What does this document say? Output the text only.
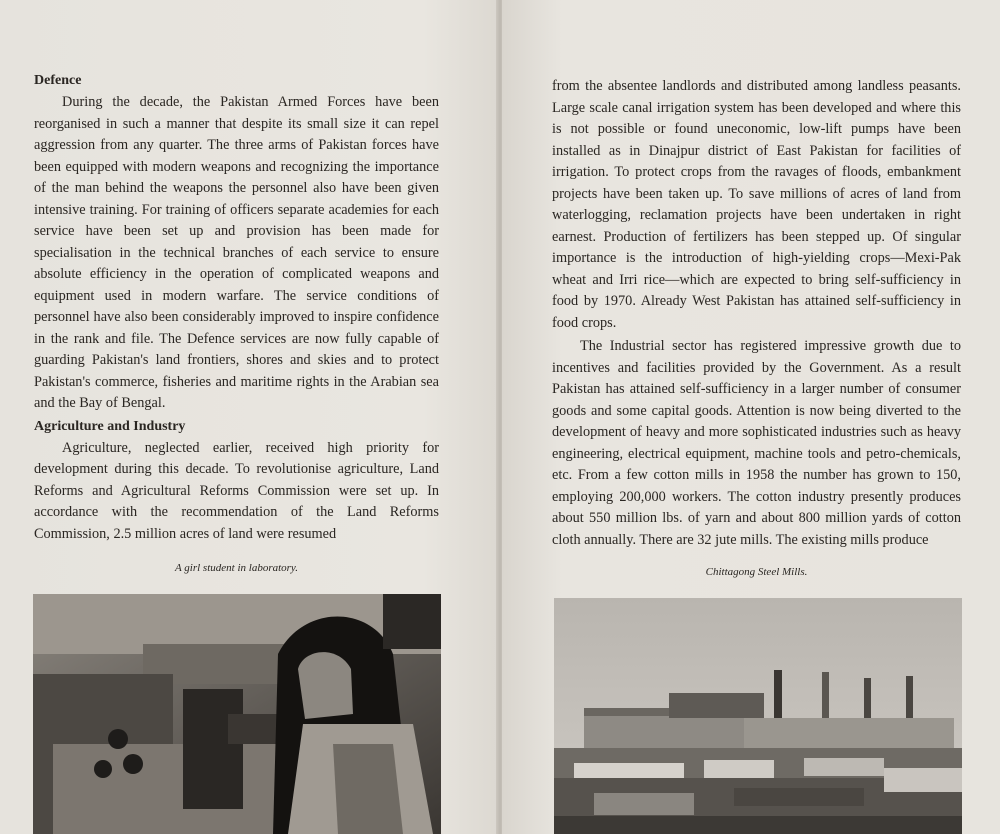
Defence

During the decade, the Pakistan Armed Forces have been reorganised in such a manner that despite its small size it can repel aggression from any quarter. The three arms of Pakistan forces have been equipped with modern weapons and recognizing the importance of the man behind the weapons the personnel also have been given intensive training. For training of officers separate academies for each service have been set up and provision has been made for specialisation in the technical branches of each service to ensure absolute efficiency in the operation of complicated weapons and equipment used in modern warfare. The service conditions of personnel have also been considerably improved to inspire confidence in the rank and file. The Defence services are now fully capable of guarding Pakistan's land frontiers, shores and skies and to protect Pakistan's commerce, fisheries and maritime rights in the Arabian sea and the Bay of Bengal.

Agriculture and Industry

Agriculture, neglected earlier, received high priority for development during this decade. To revolutionise agriculture, Land Reforms and Agricultural Reforms Commission were set up. In accordance with the recommendation of the Land Reforms Commission, 2.5 million acres of land were resumed

A girl student in laboratory.

from the absentee landlords and distributed among landless peasants. Large scale canal irrigation system has been developed and where this is not possible or found uneconomic, low-lift pumps have been installed as in Dinajpur district of East Pakistan for facilities of irrigation. To protect crops from the ravages of floods, embankment projects have been taken up. To save millions of acres of land from waterlogging, reclamation projects have been undertaken in right earnest. Production of fertilizers has been stepped up. Of singular importance is the introduction of high-yielding crops—Mexi-Pak wheat and Irri rice—which are expected to bring self-sufficiency in food by 1970. Already West Pakistan has attained self-sufficiency in food crops.

The Industrial sector has registered impressive growth due to incentives and facilities provided by the Government. As a result Pakistan has attained self-sufficiency in a larger number of consumer goods and some capital goods. Attention is now being diverted to the development of heavy and more sophisticated industries such as heavy engineering, electrical equipment, machine tools and petro-chemicals, etc. From a few cotton mills in 1958 the number has grown to 150, employing 200,000 workers. The cotton industry presently produces about 550 million lbs. of yarn and about 800 million yards of cotton cloth annually. There are 32 jute mills. The existing mills produce

Chittagong Steel Mills.
